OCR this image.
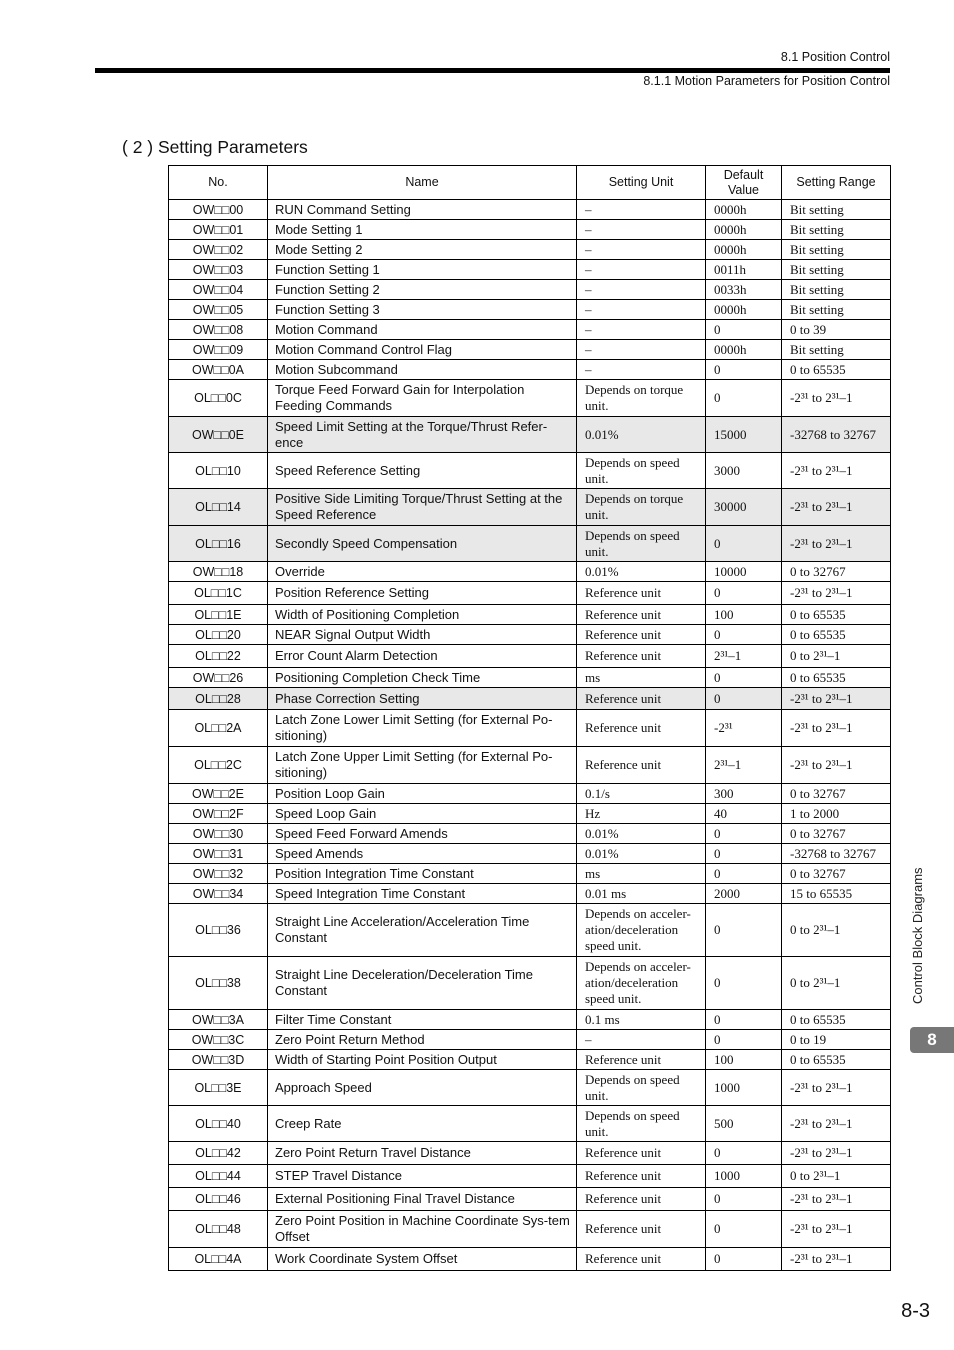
8.1 Position Control
8.1.1 Motion Parameters for Position Control
( 2 ) Setting Parameters
No.	Name	Setting Unit	Default Value	Setting Range
OW□□00	RUN Command Setting	–	0000h	Bit setting
OW□□01	Mode Setting 1	–	0000h	Bit setting
OW□□02	Mode Setting 2	–	0000h	Bit setting
OW□□03	Function Setting 1	–	0011h	Bit setting
OW□□04	Function Setting 2	–	0033h	Bit setting
OW□□05	Function Setting 3	–	0000h	Bit setting
OW□□08	Motion Command	–	0	0 to 39
OW□□09	Motion Command Control Flag	–	0000h	Bit setting
OW□□0A	Motion Subcommand	–	0	0 to 65535
OL□□0C	Torque Feed Forward Gain for Interpolation Feeding Commands	Depends on torque unit.	0	-2³¹ to 2³¹–1
OW□□0E	Speed Limit Setting at the Torque/Thrust Refer-ence	0.01%	15000	-32768 to 32767
OL□□10	Speed Reference Setting	Depends on speed unit.	3000	-2³¹ to 2³¹–1
OL□□14	Positive Side Limiting Torque/Thrust Setting at the Speed Reference	Depends on torque unit.	30000	-2³¹ to 2³¹–1
OL□□16	Secondly Speed Compensation	Depends on speed unit.	0	-2³¹ to 2³¹–1
OW□□18	Override	0.01%	10000	0 to 32767
OL□□1C	Position Reference Setting	Reference unit	0	-2³¹ to 2³¹–1
OL□□1E	Width of Positioning Completion	Reference unit	100	0 to 65535
OL□□20	NEAR Signal Output Width	Reference unit	0	0 to 65535
OL□□22	Error Count Alarm Detection	Reference unit	2³¹–1	0 to 2³¹–1
OW□□26	Positioning Completion Check Time	ms	0	0 to 65535
OL□□28	Phase Correction Setting	Reference unit	0	-2³¹ to 2³¹–1
OL□□2A	Latch Zone Lower Limit Setting (for External Po-sitioning)	Reference unit	-2³¹	-2³¹ to 2³¹–1
OL□□2C	Latch Zone Upper Limit Setting (for External Po-sitioning)	Reference unit	2³¹–1	-2³¹ to 2³¹–1
OW□□2E	Position Loop Gain	0.1/s	300	0 to 32767
OW□□2F	Speed Loop Gain	Hz	40	1 to 2000
OW□□30	Speed Feed Forward Amends	0.01%	0	0 to 32767
OW□□31	Speed Amends	0.01%	0	-32768 to 32767
OW□□32	Position Integration Time Constant	ms	0	0 to 32767
OW□□34	Speed Integration Time Constant	0.01 ms	2000	15 to 65535
OL□□36	Straight Line Acceleration/Acceleration Time Constant	Depends on acceler-ation/deceleration speed unit.	0	0 to 2³¹–1
OL□□38	Straight Line Deceleration/Deceleration Time Constant	Depends on acceler-ation/deceleration speed unit.	0	0 to 2³¹–1
OW□□3A	Filter Time Constant	0.1 ms	0	0 to 65535
OW□□3C	Zero Point Return Method	–	0	0 to 19
OW□□3D	Width of Starting Point Position Output	Reference unit	100	0 to 65535
OL□□3E	Approach Speed	Depends on speed unit.	1000	-2³¹ to 2³¹–1
OL□□40	Creep Rate	Depends on speed unit.	500	-2³¹ to 2³¹–1
OL□□42	Zero Point Return Travel Distance	Reference unit	0	-2³¹ to 2³¹–1
OL□□44	STEP Travel Distance	Reference unit	1000	0 to 2³¹–1
OL□□46	External Positioning Final Travel Distance	Reference unit	0	-2³¹ to 2³¹–1
OL□□48	Zero Point Position in Machine Coordinate Sys-tem Offset	Reference unit	0	-2³¹ to 2³¹–1
OL□□4A	Work Coordinate System Offset	Reference unit	0	-2³¹ to 2³¹–1
Control Block Diagrams
8
8-3
